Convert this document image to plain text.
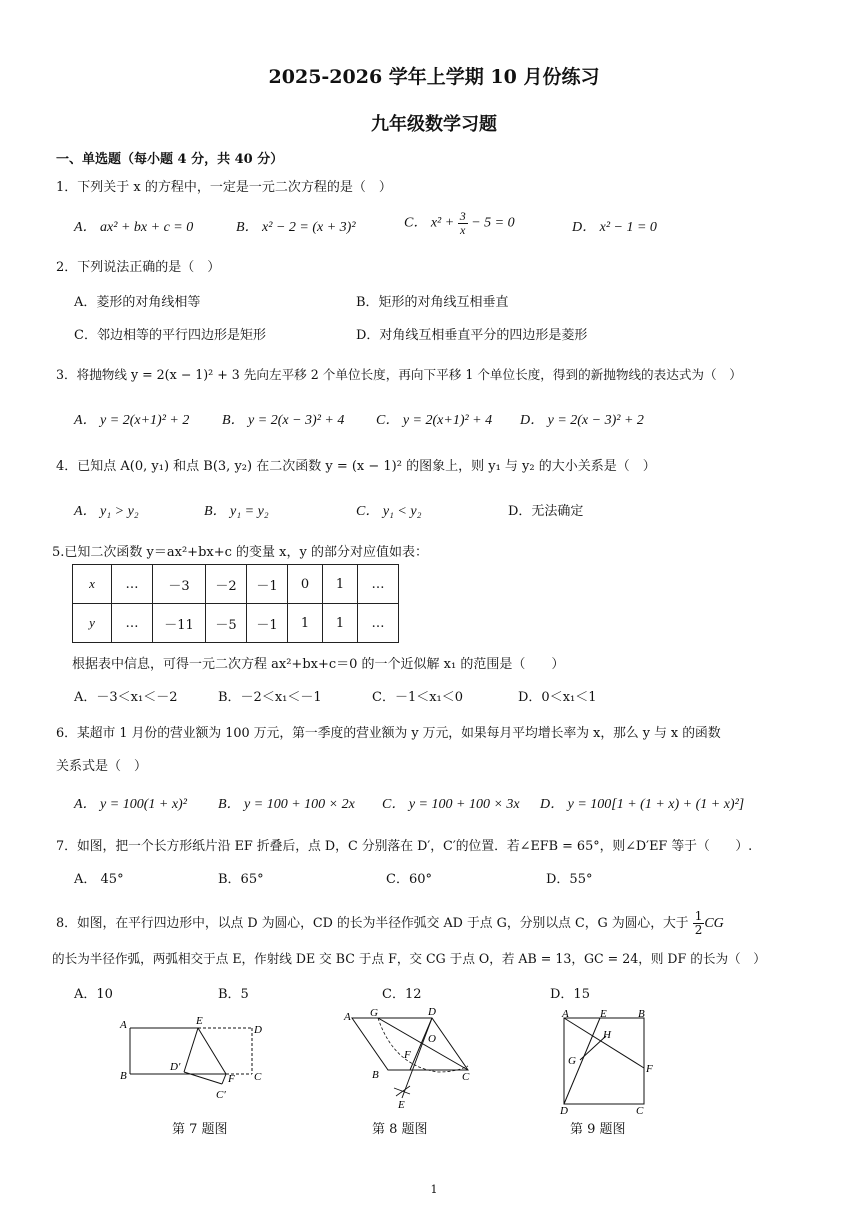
2025-2026 学年上学期 10 月份练习
九年级数学习题
一、单选题（每小题 4 分，共 40 分）
1．下列关于 x 的方程中，一定是一元二次方程的是（　）
A． ax² + bx + c = 0	B． x² − 2 = (x + 3)²	C． $x^2 + \frac{3}{x} - 5 = 0$	D． x² − 1 = 0
2．下列说法正确的是（　）
A．菱形的对角线相等	B．矩形的对角线互相垂直
C．邻边相等的平行四边形是矩形	D．对角线互相垂直平分的四边形是菱形
3．将抛物线 y = 2(x − 1)² + 3 先向左平移 2 个单位长度，再向下平移 1 个单位长度，得到的新抛物线的表达式为（　）
A． y = 2(x+1)² + 2 B． y = 2(x − 3)² + 4 C． y = 2(x+1)² + 4 D． y = 2(x − 3)² + 2
4．已知点 A(0, y₁) 和点 B(3, y₂) 在二次函数 y = (x − 1)² 的图象上，则 y₁ 与 y₂ 的大小关系是（　）
A． y₁ > y₂	B． y₁ = y₂	C． y₁ < y₂	D．无法确定
5.已知二次函数 y＝ax²+bx+c 的变量 x，y 的部分对应值如表：
x	…	－3	－2	－1	0	1	…
y	…	－11	－5	－1	1	1	…
根据表中信息，可得一元二次方程 ax²+bx+c＝0 的一个近似解 x₁ 的范围是（　　）
A．－3＜x₁＜－2	B．－2＜x₁＜－1	C．－1＜x₁＜0	D．0＜x₁＜1
6．某超市 1 月份的营业额为 100 万元，第一季度的营业额为 y 万元，如果每月平均增长率为 x，那么 y 与 x 的函数
关系式是（　）
A． y = 100(1 + x)² B． y = 100 + 100 × 2x C． y = 100 + 100 × 3x D． y = 100[1 + (1 + x) + (1 + x)²]
7．如图，把一个长方形纸片沿 EF 折叠后，点 D，C 分别落在 D′，C′的位置．若∠EFB = 65°，则∠D′EF 等于（　　）.
A． 45°	B．65°	C．60°	D．55°
8．如图，在平行四边形中，以点 D 为圆心，CD 的长为半径作弧交 AD 于点 G，分别以点 C，G 为圆心，大于 $\frac{1}{2}$ CG
的长为半径作弧，两弧相交于点 E，作射线 DE 交 BC 于点 F，交 CG 于点 O，若 AB = 13，GC = 24，则 DF 的长为（　）
A．10	B．5	C．12	D．15
A	E
D
D′
B	F C
C′
第 7 题图
A G	D
O
F
B	C
E
第 8 题图
A	E	B
H
G
F
D	C
第 9 题图
1
